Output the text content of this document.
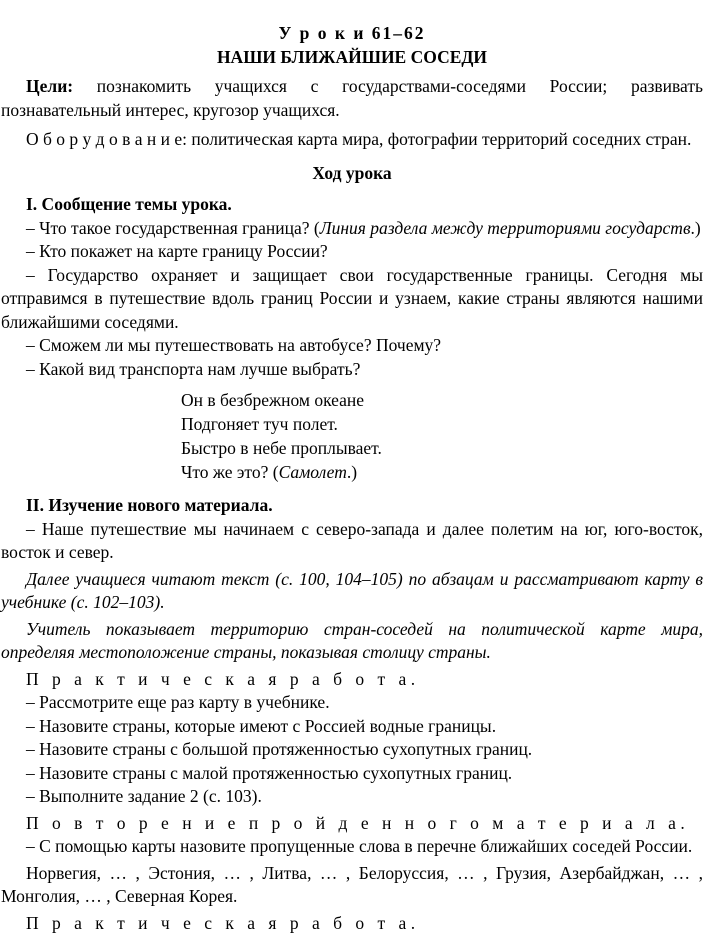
У р о к и 61–62

НАШИ БЛИЖАЙШИЕ СОСЕДИ

Цели: познакомить учащихся с государствами-соседями России; развивать познавательный интерес, кругозор учащихся.

О б о р у д о в а н и е: политическая карта мира, фотографии территорий соседних стран.

Ход урока

I. Сообщение темы урока.

– Что такое государственная граница? (Линия раздела между территориями государств.)

– Кто покажет на карте границу России?

– Государство охраняет и защищает свои государственные границы. Сегодня мы отправимся в путешествие вдоль границ России и узнаем, какие страны являются нашими ближайшими соседями.

– Сможем ли мы путешествовать на автобусе? Почему?

– Какой вид транспорта нам лучше выбрать?

Он в безбрежном океане
Подгоняет туч полет.
Быстро в небе проплывает.
Что же это? (Самолет.)

II. Изучение нового материала.

– Наше путешествие мы начинаем с северо-запада и далее полетим на юг, юго-восток, восток и север.

Далее учащиеся читают текст (с. 100, 104–105) по абзацам и рассматривают карту в учебнике (с. 102–103).

Учитель показывает территорию стран-соседей на политической карте мира, определяя местоположение страны, показывая столицу страны.

П р а к т и ч е с к а я р а б о т а.

– Рассмотрите еще раз карту в учебнике.

– Назовите страны, которые имеют с Россией водные границы.

– Назовите страны с большой протяженностью сухопутных границ.

– Назовите страны с малой протяженностью сухопутных границ.

– Выполните задание 2 (с. 103).

П о в т о р е н и е п р о й д е н н о г о м а т е р и а л а.

– С помощью карты назовите пропущенные слова в перечне ближайших соседей России.

Норвегия, … , Эстония, … , Литва, … , Белоруссия, … , Грузия, Азербайджан, … , Монголия, … , Северная Корея.

П р а к т и ч е с к а я р а б о т а.
